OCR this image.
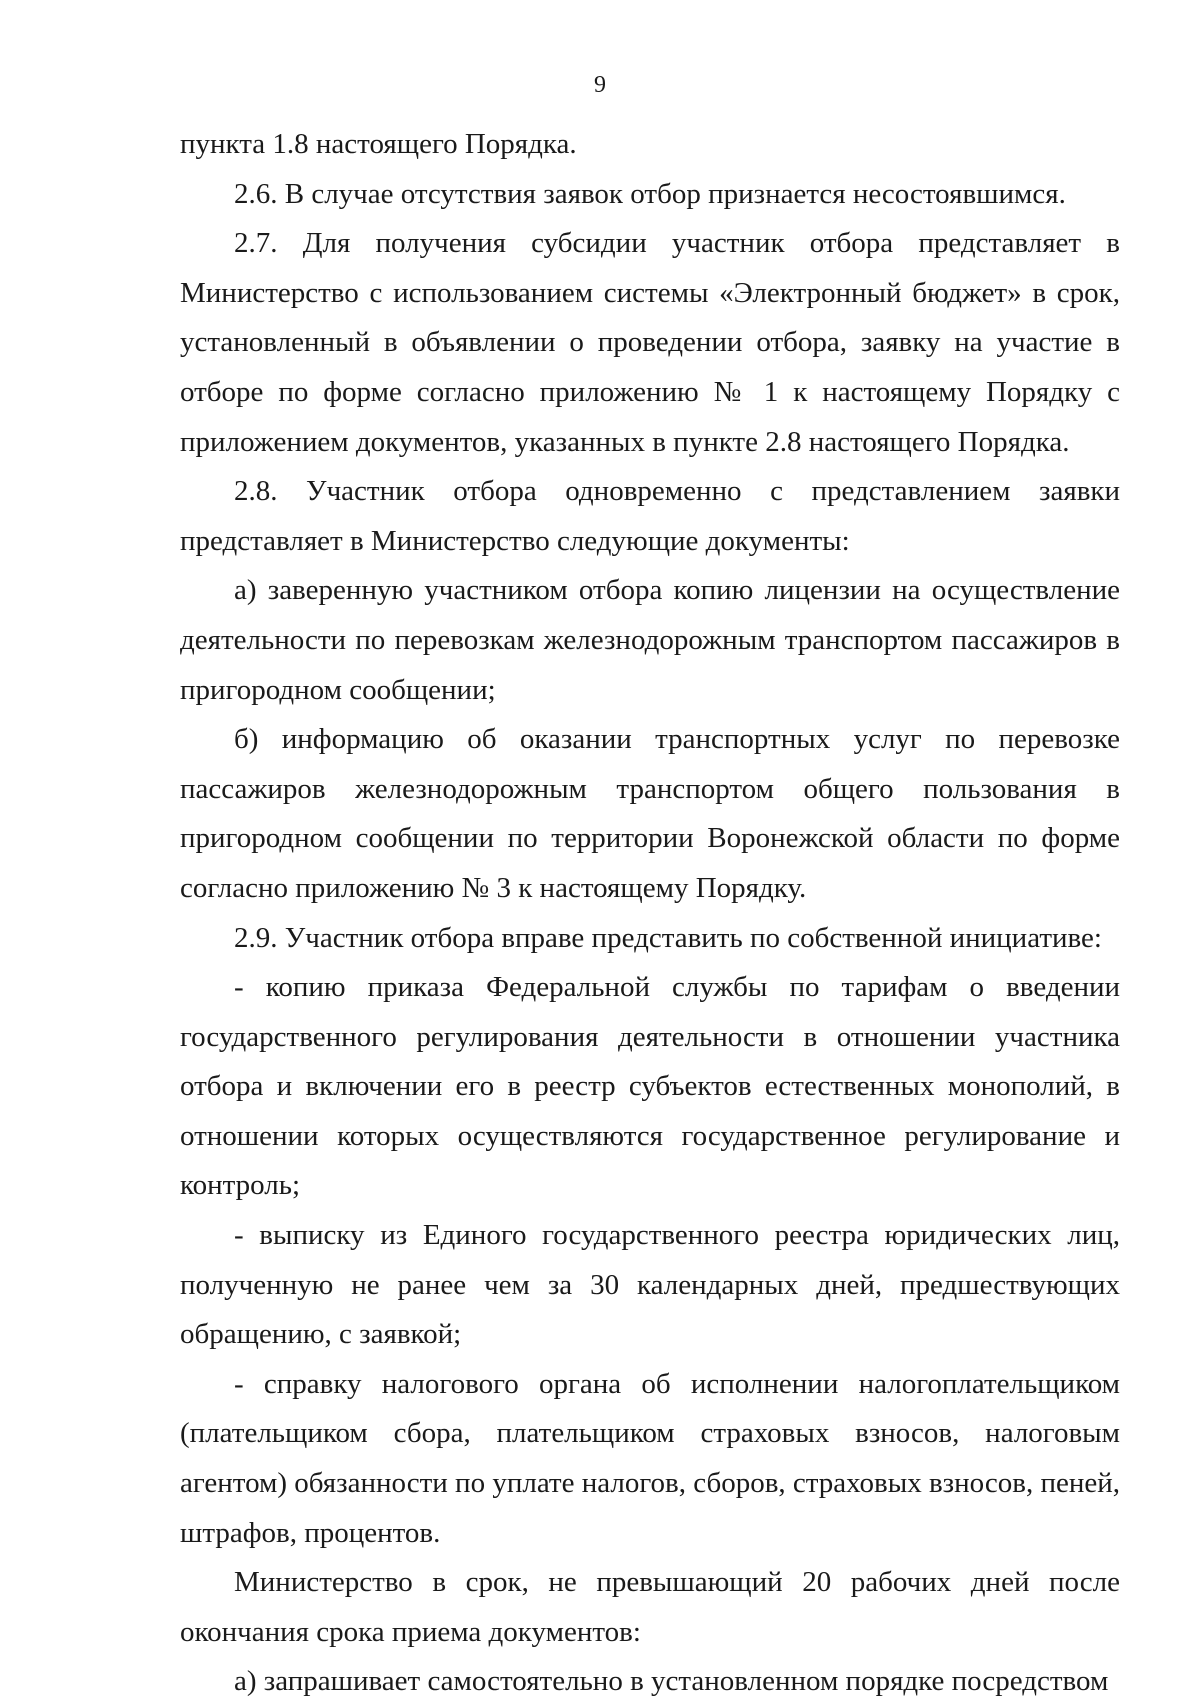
9

пункта 1.8 настоящего Порядка.

2.6. В случае отсутствия заявок отбор признается несостоявшимся.

2.7. Для получения субсидии участник отбора представляет в Министерство с использованием системы «Электронный бюджет» в срок, установленный в объявлении о проведении отбора, заявку на участие в отборе по форме согласно приложению № 1 к настоящему Порядку с приложением документов, указанных в пункте 2.8 настоящего Порядка.

2.8. Участник отбора одновременно с представлением заявки представляет в Министерство следующие документы:

а) заверенную участником отбора копию лицензии на осуществление деятельности по перевозкам железнодорожным транспортом пассажиров в пригородном сообщении;

б) информацию об оказании транспортных услуг по перевозке пассажиров железнодорожным транспортом общего пользования в пригородном сообщении по территории Воронежской области по форме согласно приложению № 3 к настоящему Порядку.

2.9. Участник отбора вправе представить по собственной инициативе:

- копию приказа Федеральной службы по тарифам о введении государственного регулирования деятельности в отношении участника отбора и включении его в реестр субъектов естественных монополий, в отношении которых осуществляются государственное регулирование и контроль;

- выписку из Единого государственного реестра юридических лиц, полученную не ранее чем за 30 календарных дней, предшествующих обращению, с заявкой;

- справку налогового органа об исполнении налогоплательщиком (плательщиком сбора, плательщиком страховых взносов, налоговым агентом) обязанности по уплате налогов, сборов, страховых взносов, пеней, штрафов, процентов.

Министерство в срок, не превышающий 20 рабочих дней после окончания срока приема документов:

а) запрашивает самостоятельно в установленном порядке посредством
